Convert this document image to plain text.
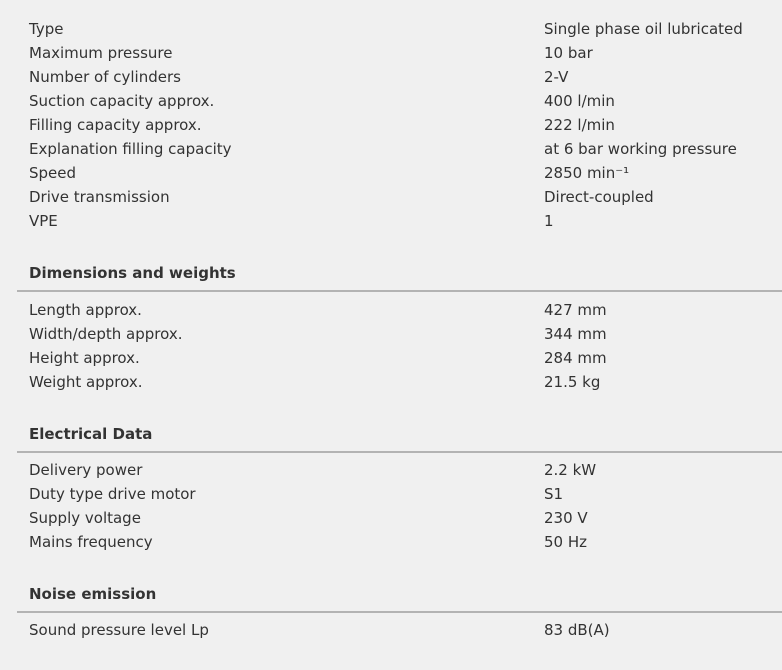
Type	Single phase oil lubricated
Maximum pressure	10 bar
Number of cylinders	2-V
Suction capacity approx.	400 l/min
Filling capacity approx.	222 l/min
Explanation filling capacity	at 6 bar working pressure
Speed	2850 min⁻¹
Drive transmission	Direct-coupled
VPE	1
Dimensions and weights
Length approx.	427 mm
Width/depth approx.	344 mm
Height approx.	284 mm
Weight approx.	21.5 kg
Electrical Data
Delivery power	2.2 kW
Duty type drive motor	S1
Supply voltage	230 V
Mains frequency	50 Hz
Noise emission
Sound pressure level Lp	83 dB(A)
